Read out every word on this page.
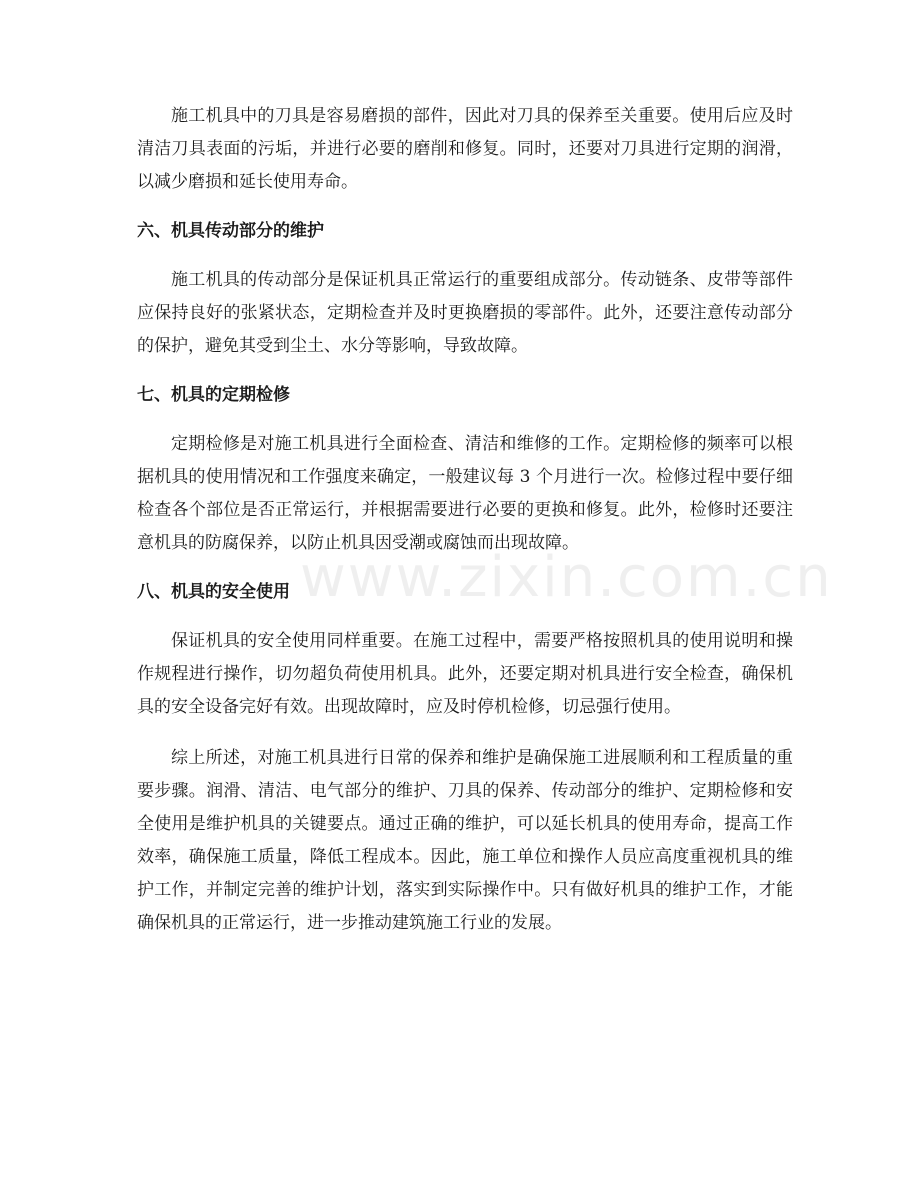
施工机具中的刀具是容易磨损的部件，因此对刀具的保养至关重要。使用后应及时清洁刀具表面的污垢，并进行必要的磨削和修复。同时，还要对刀具进行定期的润滑，以减少磨损和延长使用寿命。

六、机具传动部分的维护

施工机具的传动部分是保证机具正常运行的重要组成部分。传动链条、皮带等部件应保持良好的张紧状态，定期检查并及时更换磨损的零部件。此外，还要注意传动部分的保护，避免其受到尘土、水分等影响，导致故障。

七、机具的定期检修

定期检修是对施工机具进行全面检查、清洁和维修的工作。定期检修的频率可以根据机具的使用情况和工作强度来确定，一般建议每 3 个月进行一次。检修过程中要仔细检查各个部位是否正常运行，并根据需要进行必要的更换和修复。此外，检修时还要注意机具的防腐保养，以防止机具因受潮或腐蚀而出现故障。

八、机具的安全使用

保证机具的安全使用同样重要。在施工过程中，需要严格按照机具的使用说明和操作规程进行操作，切勿超负荷使用机具。此外，还要定期对机具进行安全检查，确保机具的安全设备完好有效。出现故障时，应及时停机检修，切忌强行使用。

综上所述，对施工机具进行日常的保养和维护是确保施工进展顺利和工程质量的重要步骤。润滑、清洁、电气部分的维护、刀具的保养、传动部分的维护、定期检修和安全使用是维护机具的关键要点。通过正确的维护，可以延长机具的使用寿命，提高工作效率，确保施工质量，降低工程成本。因此，施工单位和操作人员应高度重视机具的维护工作，并制定完善的维护计划，落实到实际操作中。只有做好机具的维护工作，才能确保机具的正常运行，进一步推动建筑施工行业的发展。

www.zixin.com.cn
